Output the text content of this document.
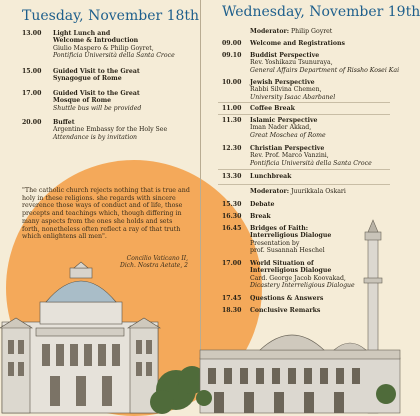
Tuesday, November 18th
13.00	Light Lunch and
Welcome & Introduction
Giulio Maspero & Philip Goyret,
Pontificia Università della Santa Croce
15.00	Guided Visit to the Great
Synagogue of Rome
17.00	Guided Visit to the Great
Mosque of Rome
Shuttle bus will be provided
20.00	Buffet
Argentine Embassy for the Holy See
Attendance is by invitation

"The catholic church rejects nothing that is true and holy in these religions. she regards with sincere reverence those ways of conduct and of life, those precepts and teachings which, though differing in many aspects from the ones she holds and sets forth, nonetheless often reflect a ray of that truth which enlightens all men".

Concilio Vaticano II,
Dich. Nostra Aetate, 2
Wednesday, November 19th
Moderator: Philip Goyret
09.00	Welcome and Registrations
09.10	Buddist Perspective
Rev. Yoshikazu Tsunuraya,
General Affairs Department of Rissho Kosei Kai
10.00	Jewish Perspective
Rabbi Silvina Chemen,
University Isaac Abarbanel
11.00	Coffee Break
11.30	Islamic Perspective
Iman Nader Akkad,
Great Moschea of Rome
12.30	Christian Perspective
Rev. Prof. Marco Vanzini,
Pontificia Università della Santa Croce
13.30	Lunchbreak
Moderator: Juurikkala Oskari
15.30	Debate
16.30	Break
16.45	Bridges of Faith:
Interreligious Dialogue
Presentation by
prof. Susannah Heschel
17.00	World Situation of
Interreligious Dialogue
Card. George Jacob Koovakad,
Dicastery Interreligious Dialogue
17.45	Questions & Answers
18.30	Conclusive Remarks
